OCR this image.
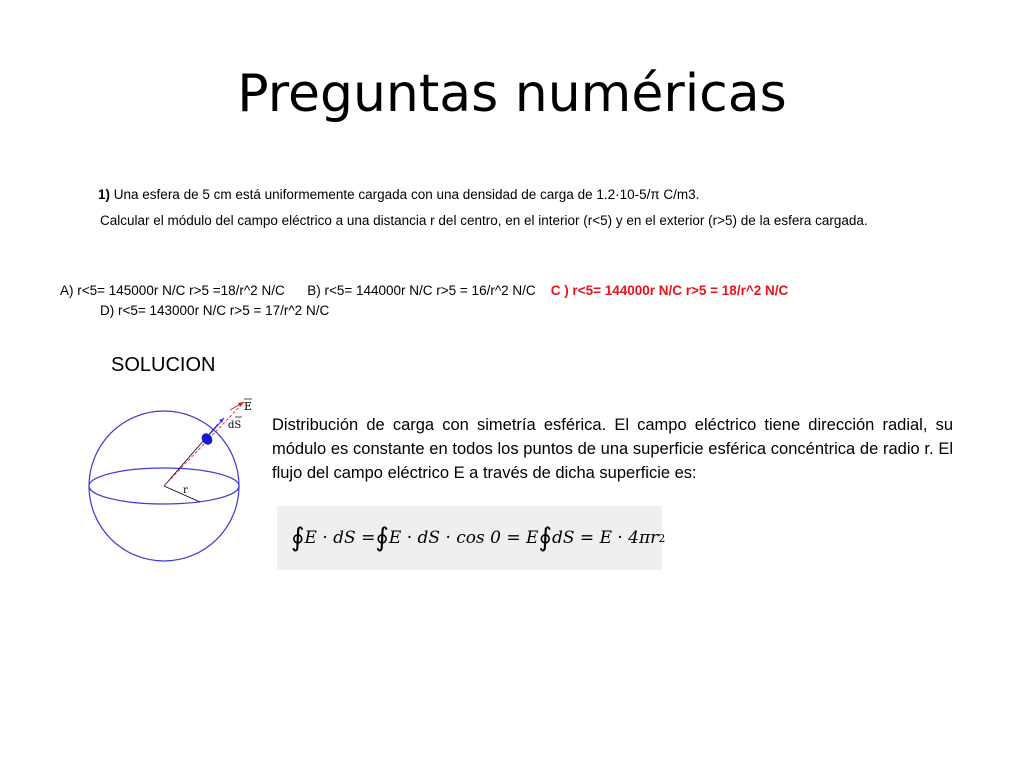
Preguntas numéricas
1) Una esfera de 5 cm está uniformemente cargada con una densidad de carga de 1.2·10-5/π C/m3.
Calcular el módulo del campo eléctrico a una distancia r del centro, en el interior (r<5) y en el exterior (r>5) de la esfera cargada.
A) r<5= 145000r N/C r>5 =18/r^2 N/C B) r<5= 144000r N/C r>5 = 16/r^2 N/C C ) r<5= 144000r N/C r>5 = 18/r^2 N/C
D) r<5= 143000r N/C r>5 = 17/r^2 N/C
SOLUCION
E
dS
r
Distribución de carga con simetría esférica. El campo eléctrico tiene dirección radial, su módulo es constante en todos los puntos de una superficie esférica concéntrica de radio r. El flujo del campo eléctrico E a través de dicha superficie es:
∮ E · dS = ∮ E · dS · cos 0 = E ∮ dS = E · 4πr 2
